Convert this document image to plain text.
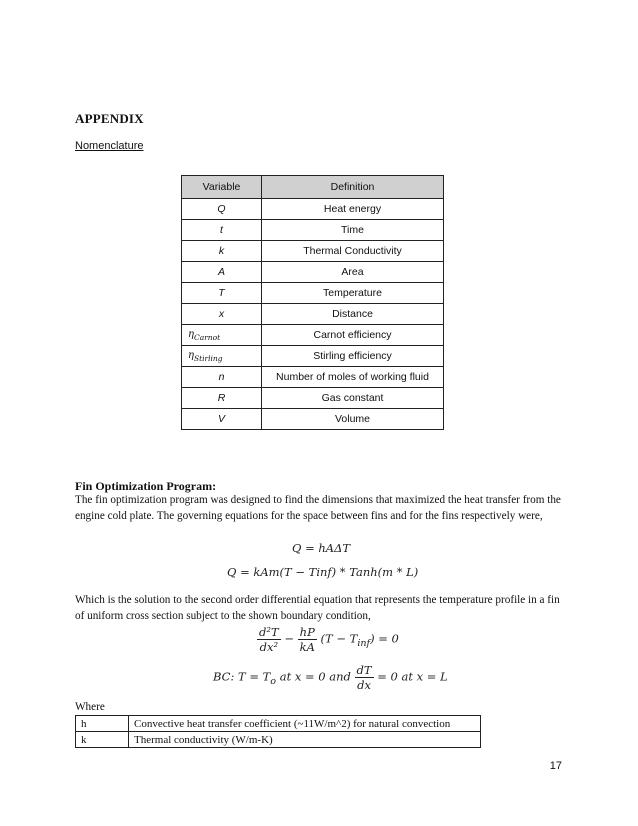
APPENDIX
Nomenclature
Variable	Definition
Q	Heat energy
t	Time
k	Thermal Conductivity
A	Area
T	Temperature
x	Distance
$\eta_{Carnot}$	Carnot efficiency
$\eta_{Stirling}$	Stirling efficiency
n	Number of moles of working fluid
R	Gas constant
V	Volume
Fin Optimization Program:
The fin optimization program was designed to find the dimensions that maximized the heat transfer from the engine cold plate. The governing equations for the space between fins and for the fins respectively were,
Q = hAΔT
Q = kAm(T − Tinf) * Tanh(m * L)
Which is the solution to the second order differential equation that represents the temperature profile in a fin of uniform cross section subject to the shown boundary condition,
$\frac{\text{d²T}}{\text{dx²}} - \frac{hP}{kA} (T - T_{inf}) = 0$
BC: $T = T_o$ at x = 0 and $\frac{dT}{dx} = 0$ at x = L
Where
h	Convective heat transfer coefficient (~11W/m^2) for natural convection
k	Thermal conductivity (W/m-K)
17
